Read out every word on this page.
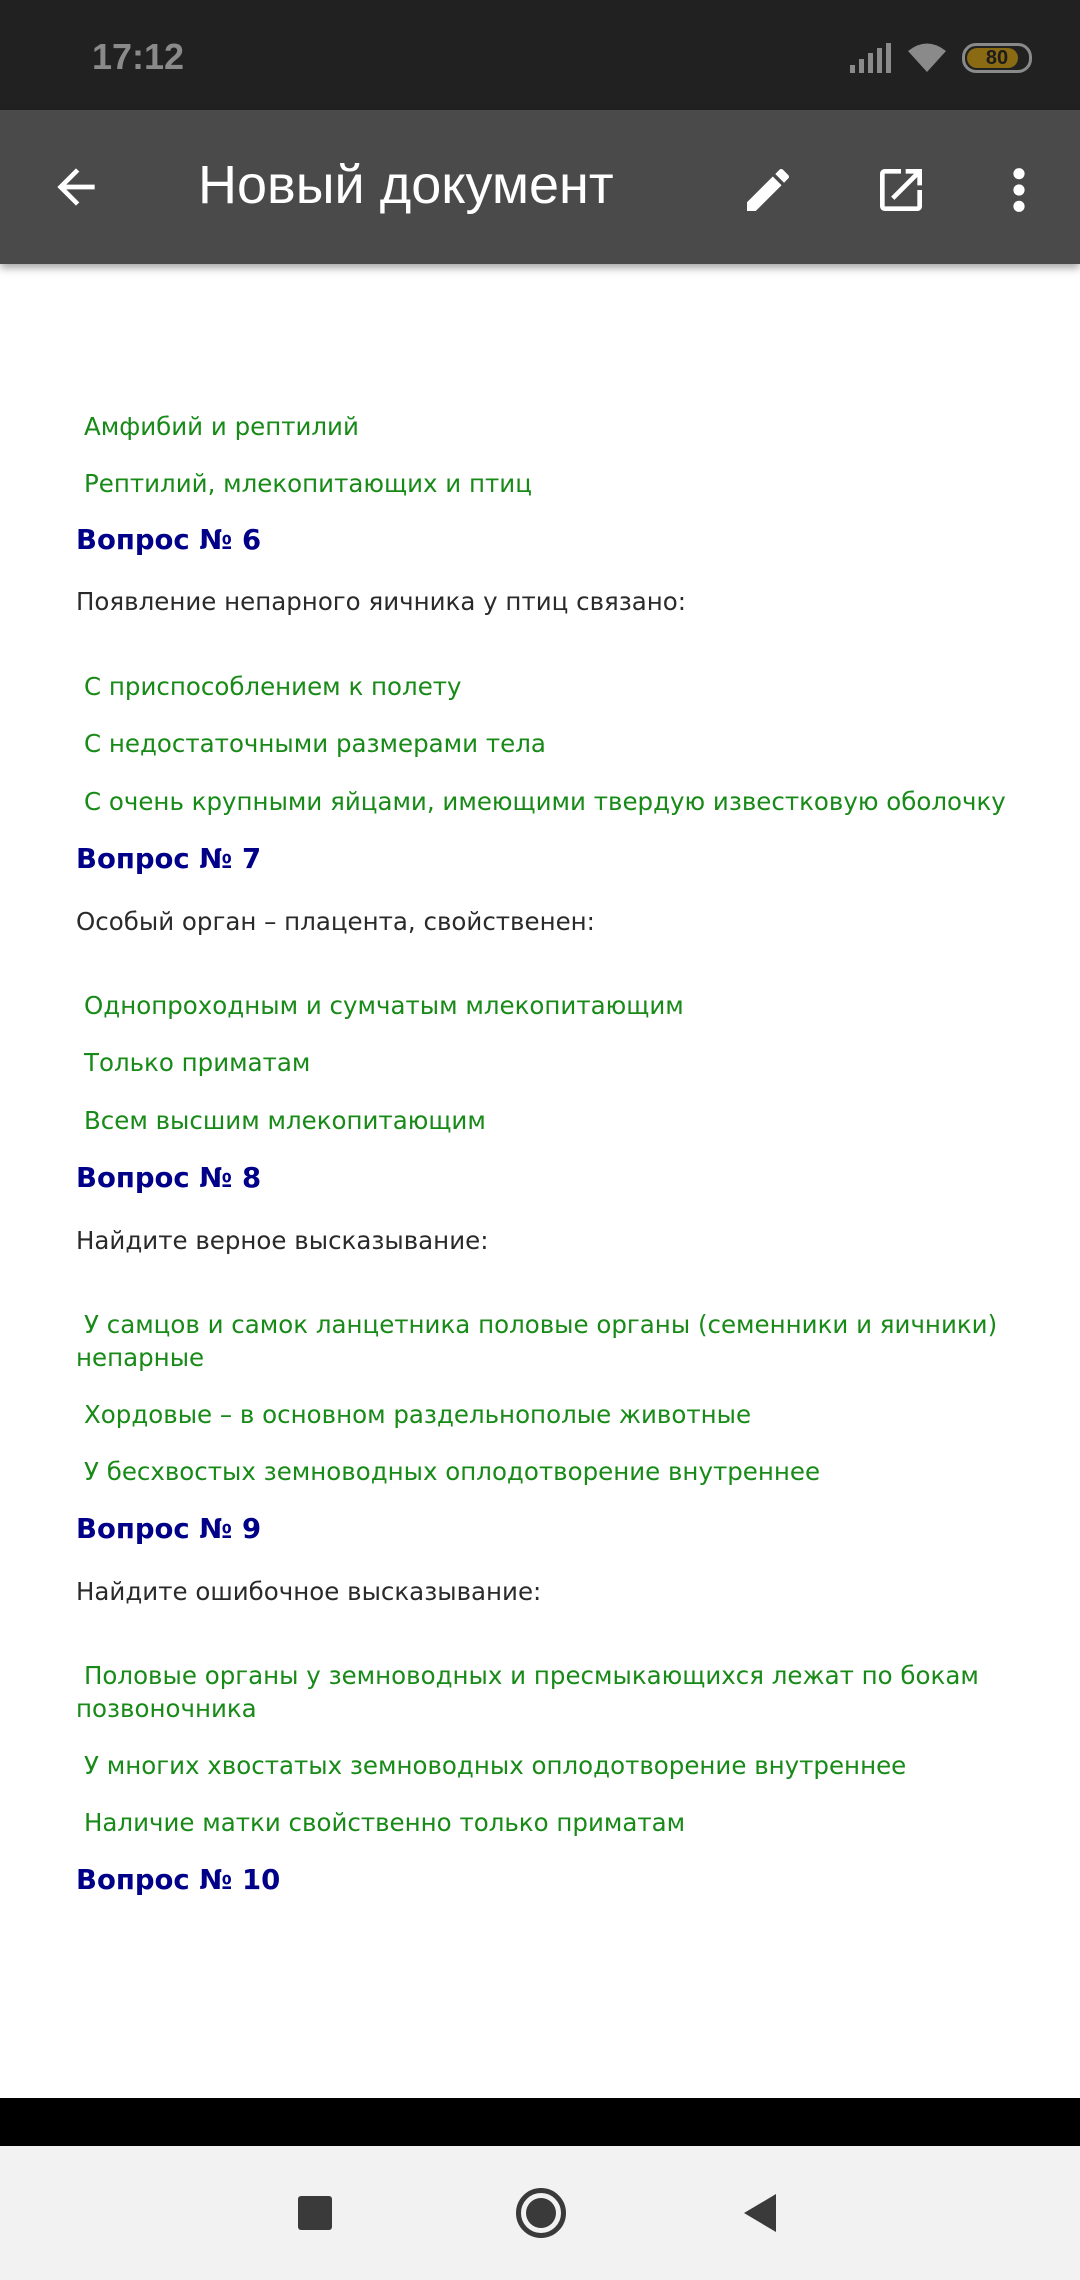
17:12	80
Новый документ
Амфибий и рептилий
Рептилий, млекопитающих и птиц
Вопрос № 6
Появление непарного яичника у птиц связано:
С приспособлением к полету
С недостаточными размерами тела
С очень крупными яйцами, имеющими твердую известковую оболочку
Вопрос № 7
Особый орган – плацента, свойственен:
Однопроходным и сумчатым млекопитающим
Только приматам
Всем высшим млекопитающим
Вопрос № 8
Найдите верное высказывание:
У самцов и самок ланцетника половые органы (семенники и яичники) непарные
Хордовые – в основном раздельнополые животные
У бесхвостых земноводных оплодотворение внутреннее
Вопрос № 9
Найдите ошибочное высказывание:
Половые органы у земноводных и пресмыкающихся лежат по бокам позвоночника
У многих хвостатых земноводных оплодотворение внутреннее
Наличие матки свойственно только приматам
Вопрос № 10
